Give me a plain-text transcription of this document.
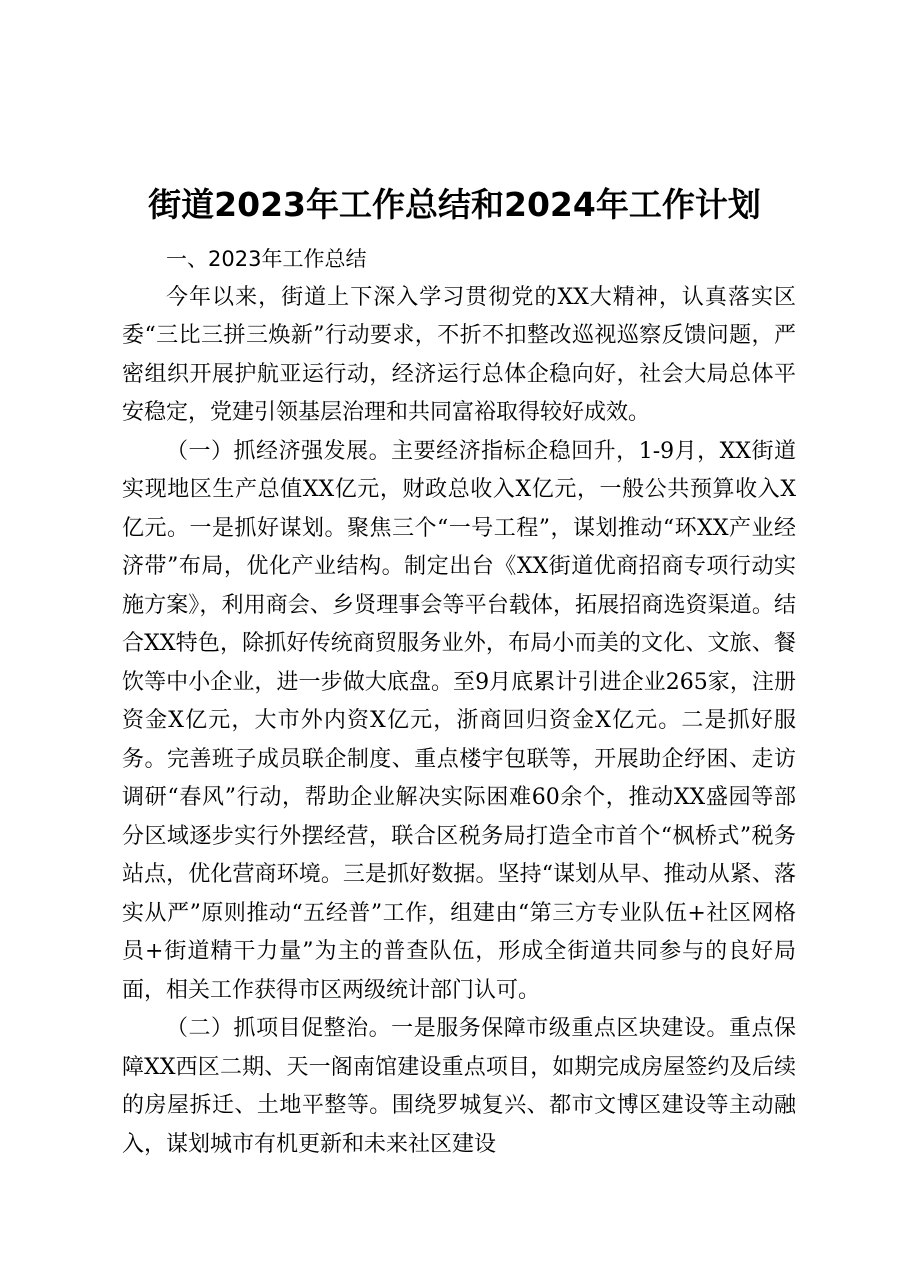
街道2023年工作总结和2024年工作计划
一、2023年工作总结

今年以来，街道上下深入学习贯彻党的XX大精神，认真落实区委“三比三拼三焕新”行动要求，不折不扣整改巡视巡察反馈问题，严密组织开展护航亚运行动，经济运行总体企稳向好，社会大局总体平安稳定，党建引领基层治理和共同富裕取得较好成效。

（一）抓经济强发展。主要经济指标企稳回升，1-9月，XX街道实现地区生产总值XX亿元，财政总收入X亿元，一般公共预算收入X亿元。一是抓好谋划。聚焦三个“一号工程”，谋划推动“环XX产业经济带”布局，优化产业结构。制定出台《XX街道优商招商专项行动实施方案》，利用商会、乡贤理事会等平台载体，拓展招商选资渠道。结合XX特色，除抓好传统商贸服务业外，布局小而美的文化、文旅、餐饮等中小企业，进一步做大底盘。至9月底累计引进企业265家，注册资金X亿元，大市外内资X亿元，浙商回归资金X亿元。二是抓好服务。完善班子成员联企制度、重点楼宇包联等，开展助企纾困、走访调研“春风”行动，帮助企业解决实际困难60余个，推动XX盛园等部分区域逐步实行外摆经营，联合区税务局打造全市首个“枫桥式”税务站点，优化营商环境。三是抓好数据。坚持“谋划从早、推动从紧、落实从严”原则推动“五经普”工作，组建由“第三方专业队伍+社区网格员+街道精干力量”为主的普查队伍，形成全街道共同参与的良好局面，相关工作获得市区两级统计部门认可。

（二）抓项目促整治。一是服务保障市级重点区块建设。重点保障XX西区二期、天一阁南馆建设重点项目，如期完成房屋签约及后续的房屋拆迁、土地平整等。围绕罗城复兴、都市文博区建设等主动融入，谋划城市有机更新和未来社区建设
